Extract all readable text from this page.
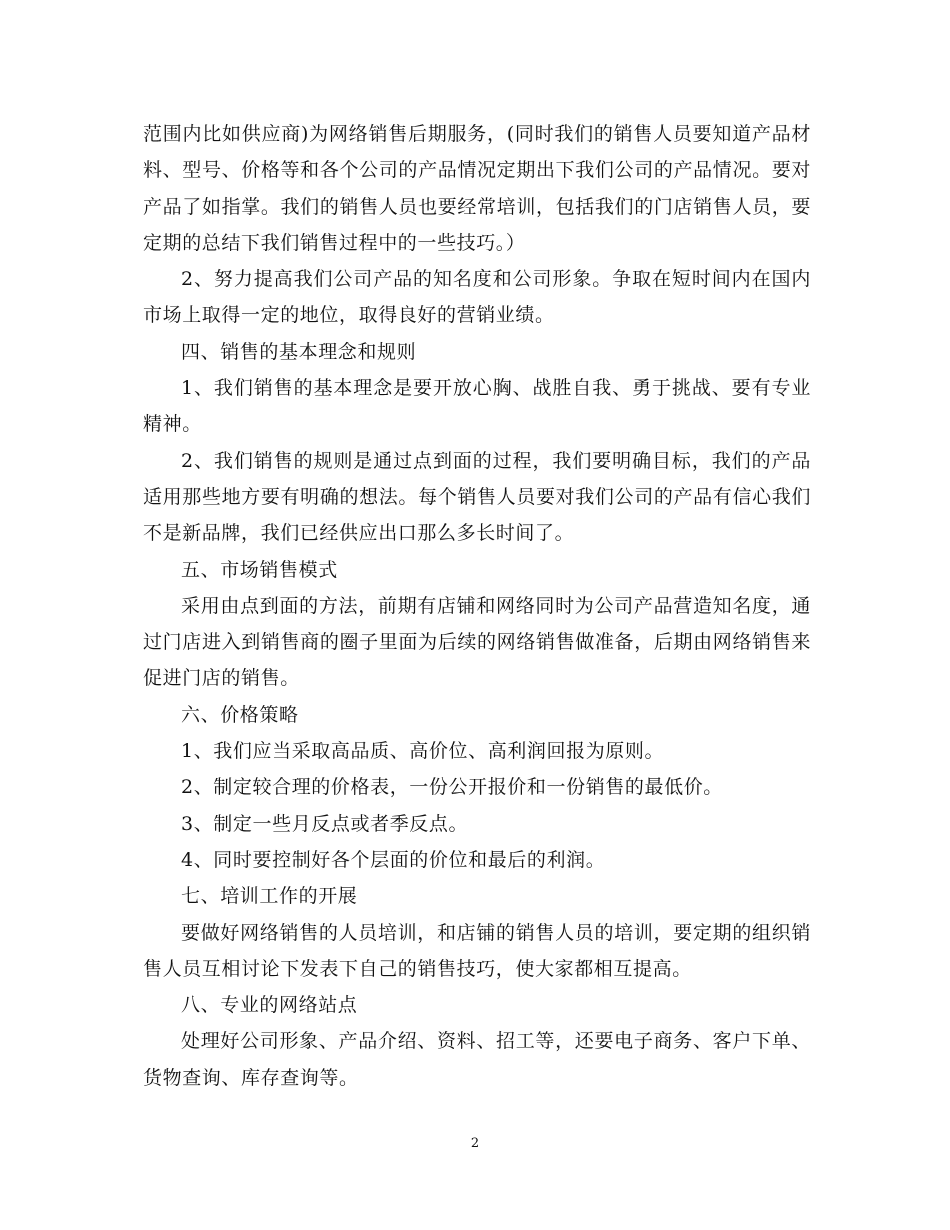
范围内比如供应商)为网络销售后期服务，(同时我们的销售人员要知道产品材料、型号、价格等和各个公司的产品情况定期出下我们公司的产品情况。要对产品了如指掌。我们的销售人员也要经常培训，包括我们的门店销售人员，要定期的总结下我们销售过程中的一些技巧。）

2、努力提高我们公司产品的知名度和公司形象。争取在短时间内在国内市场上取得一定的地位，取得良好的营销业绩。

四、销售的基本理念和规则

1、我们销售的基本理念是要开放心胸、战胜自我、勇于挑战、要有专业精神。

2、我们销售的规则是通过点到面的过程，我们要明确目标，我们的产品适用那些地方要有明确的想法。每个销售人员要对我们公司的产品有信心我们不是新品牌，我们已经供应出口那么多长时间了。

五、市场销售模式

采用由点到面的方法，前期有店铺和网络同时为公司产品营造知名度，通过门店进入到销售商的圈子里面为后续的网络销售做准备，后期由网络销售来促进门店的销售。

六、价格策略

1、我们应当采取高品质、高价位、高利润回报为原则。

2、制定较合理的价格表，一份公开报价和一份销售的最低价。

3、制定一些月反点或者季反点。

4、同时要控制好各个层面的价位和最后的利润。

七、培训工作的开展

要做好网络销售的人员培训，和店铺的销售人员的培训，要定期的组织销售人员互相讨论下发表下自己的销售技巧，使大家都相互提高。

八、专业的网络站点

处理好公司形象、产品介绍、资料、招工等，还要电子商务、客户下单、货物查询、库存查询等。

2
